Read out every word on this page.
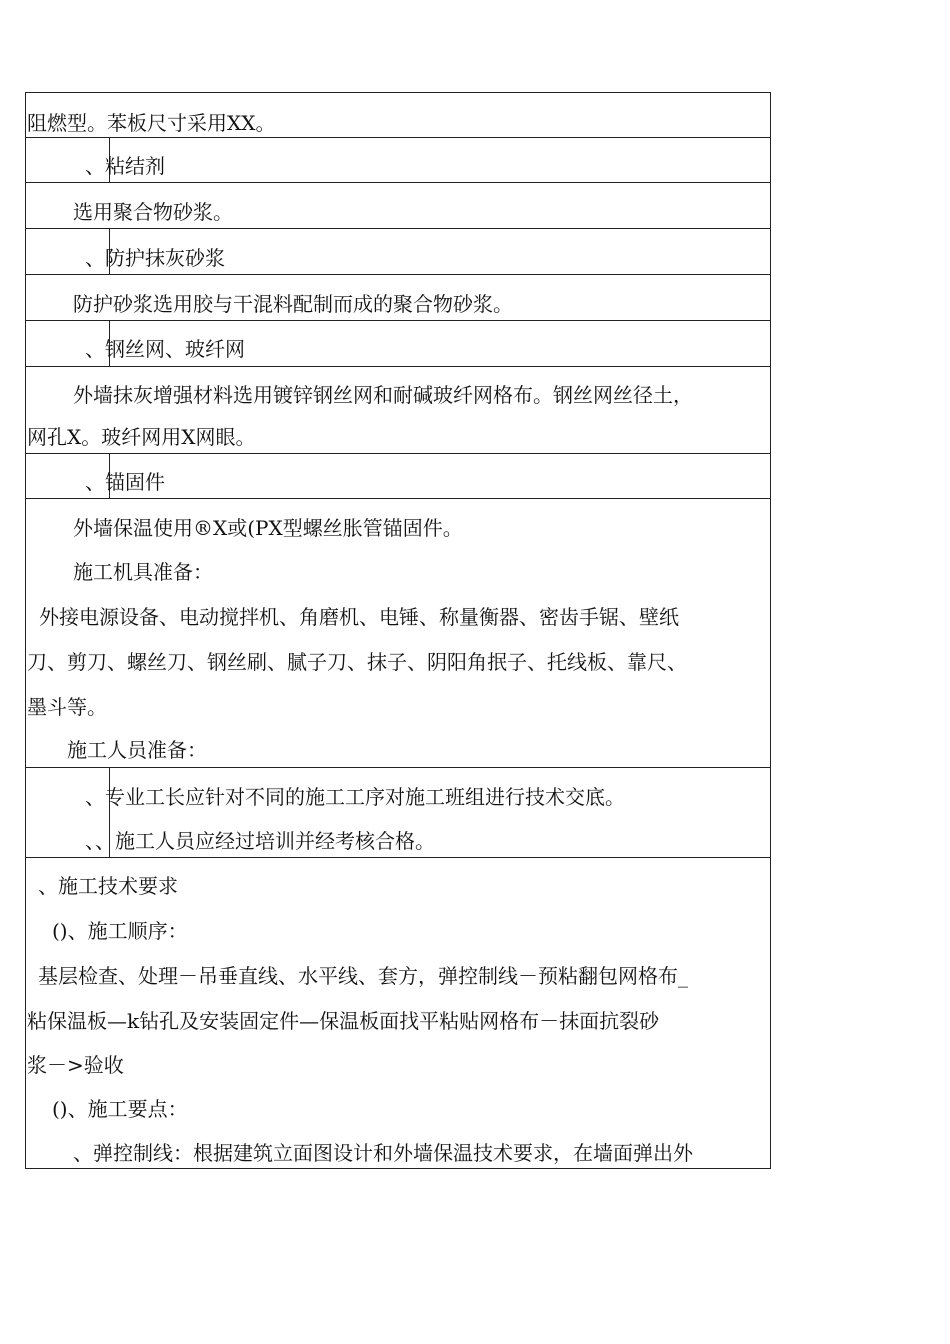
阻燃型。苯板尺寸采用XX。
、粘结剂
选用聚合物砂浆。
、防护抹灰砂浆
防护砂浆选用胶与干混料配制而成的聚合物砂浆。
、钢丝网、玻纤网
外墙抹灰增强材料选用镀锌钢丝网和耐碱玻纤网格布。钢丝网丝径土，
网孔X。玻纤网用X网眼。
、锚固件
外墙保温使用®X或(PX型螺丝胀管锚固件。
施工机具准备：
外接电源设备、电动搅拌机、角磨机、电锤、称量衡器、密齿手锯、壁纸
刀、剪刀、螺丝刀、钢丝刷、腻子刀、抹子、阴阳角抿子、托线板、靠尺、
墨斗等。
施工人员准备：
、专业工长应针对不同的施工工序对施工班组进行技术交底。
、、施工人员应经过培训并经考核合格。
、施工技术要求
()、施工顺序：
基层检查、处理－吊垂直线、水平线、套方，弹控制线－预粘翻包网格布_
粘保温板—k钻孔及安装固定件—保温板面找平粘贴网格布－抹面抗裂砂
浆－>验收
()、施工要点：
、弹控制线：根据建筑立面图设计和外墙保温技术要求，在墙面弹出外
